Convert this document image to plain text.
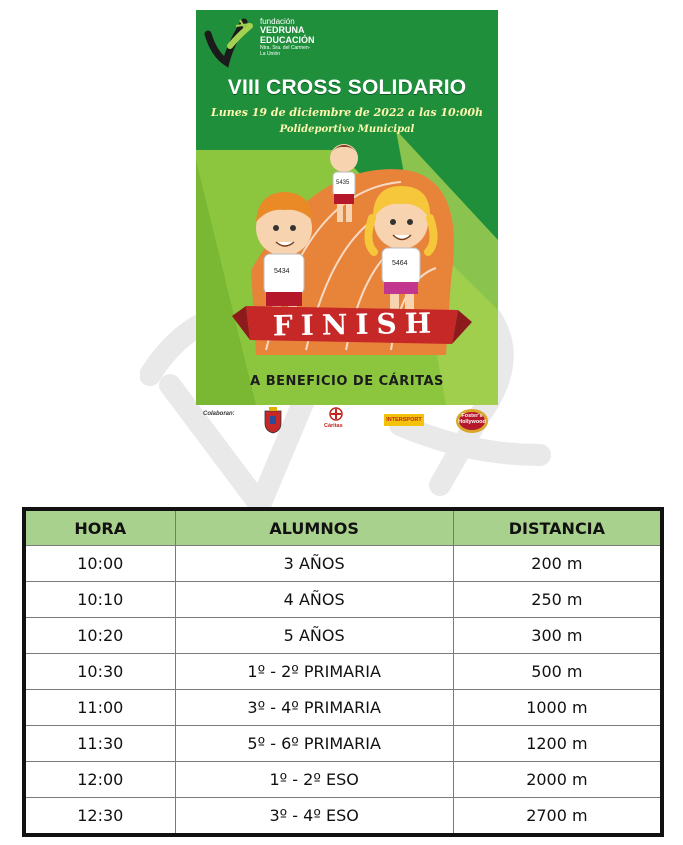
5435
5434
5464
fundación
VEDRUNA
EDUCACIÓN
Ntra. Sra. del Carmen-
La Unión
VIII CROSS SOLIDARIO
Lunes 19 de diciembre de 2022 a las 10:00h
Polideportivo Municipal
FINISH
A BENEFICIO DE CÁRITAS
Colaboran:
Cáritas
INTERSPORT
Foster's Hollywood
HORA	ALUMNOS	DISTANCIA
10:00	3 AÑOS	200 m
10:10	4 AÑOS	250 m
10:20	5 AÑOS	300 m
10:30	1º - 2º PRIMARIA	500 m
11:00	3º - 4º PRIMARIA	1000 m
11:30	5º - 6º PRIMARIA	1200 m
12:00	1º - 2º ESO	2000 m
12:30	3º - 4º ESO	2700 m
